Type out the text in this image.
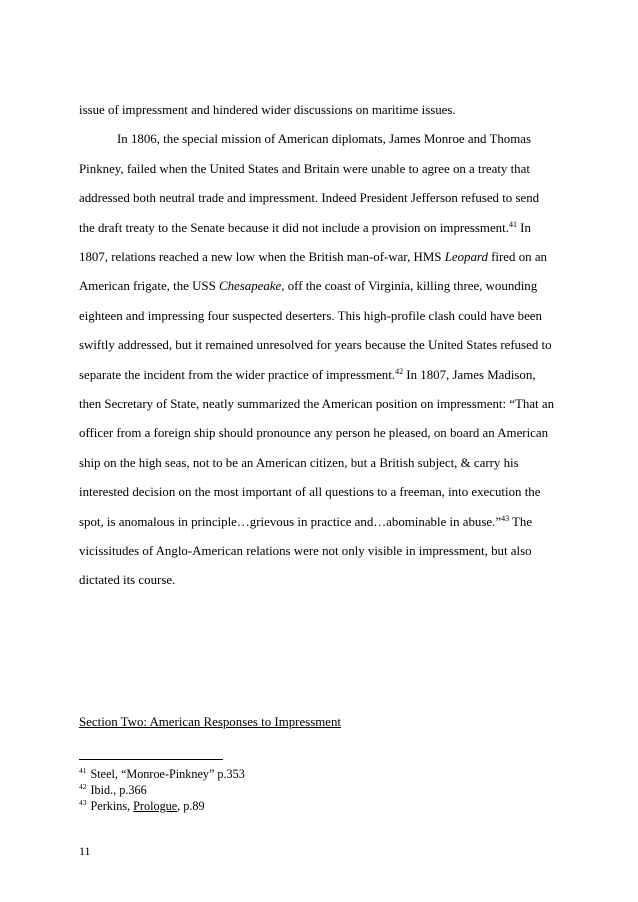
issue of impressment and hindered wider discussions on maritime issues.
In 1806, the special mission of American diplomats, James Monroe and Thomas
Pinkney, failed when the United States and Britain were unable to agree on a treaty that
addressed both neutral trade and impressment. Indeed President Jefferson refused to send
the draft treaty to the Senate because it did not include a provision on impressment.$^{41}$ In
1807, relations reached a new low when the British man-of-war, HMS Leopard fired on an
American frigate, the USS Chesapeake, off the coast of Virginia, killing three, wounding
eighteen and impressing four suspected deserters. This high-profile clash could have been
swiftly addressed, but it remained unresolved for years because the United States refused to
separate the incident from the wider practice of impressment.$^{42}$ In 1807, James Madison,
then Secretary of State, neatly summarized the American position on impressment: “That an
officer from a foreign ship should pronounce any person he pleased, on board an American
ship on the high seas, not to be an American citizen, but a British subject, & carry his
interested decision on the most important of all questions to a freeman, into execution the
spot, is anomalous in principle…grievous in practice and…abominable in abuse.”$^{43}$ The
vicissitudes of Anglo-American relations were not only visible in impressment, but also
dictated its course.
Section Two: American Responses to Impressment
$^{41}$ Steel, “Monroe-Pinkney” p.353
$^{42}$ Ibid., p.366
$^{43}$ Perkins, Prologue, p.89
11
